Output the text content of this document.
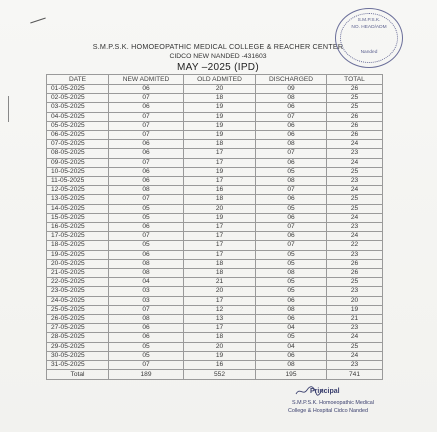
S.M.P.S.K. HOMOEOPATHIC MEDICAL COLLEGE & REACHER CENTER
CIDCO NEW NANDED -431603
MAY –2025 (IPD)
S.M.P.S.K.
NO. HEAD/ADM
Nanded
DATE	NEW ADMITED	OLD ADMITED	DISCHARGED	TOTAL
01-05-2025	06	20	09	26
02-05-2025	07	18	08	25
03-05-2025	06	19	06	25
04-05-2025	07	19	07	26
05-05-2025	07	19	06	26
06-05-2025	07	19	06	26
07-05-2025	06	18	08	24
08-05-2025	06	17	07	23
09-05-2025	07	17	06	24
10-05-2025	06	19	05	25
11-05-2025	06	17	08	23
12-05-2025	08	16	07	24
13-05-2025	07	18	06	25
14-05-2025	05	20	05	25
15-05-2025	05	19	06	24
16-05-2025	06	17	07	23
17-05-2025	07	17	06	24
18-05-2025	05	17	07	22
19-05-2025	06	17	05	23
20-05-2025	08	18	05	26
21-05-2025	08	18	08	26
22-05-2025	04	21	05	25
23-05-2025	03	20	05	23
24-05-2025	03	17	06	20
25-05-2025	07	12	08	19
26-05-2025	08	13	06	21
27-05-2025	06	17	04	23
28-05-2025	06	18	05	24
29-05-2025	05	20	04	25
30-05-2025	05	19	06	24
31-05-2025	07	16	08	23
Total	189	552	195	741
Principal
S.M.P.S.K. Homoeopathic Medical
College & Hospital Cidco Nanded
